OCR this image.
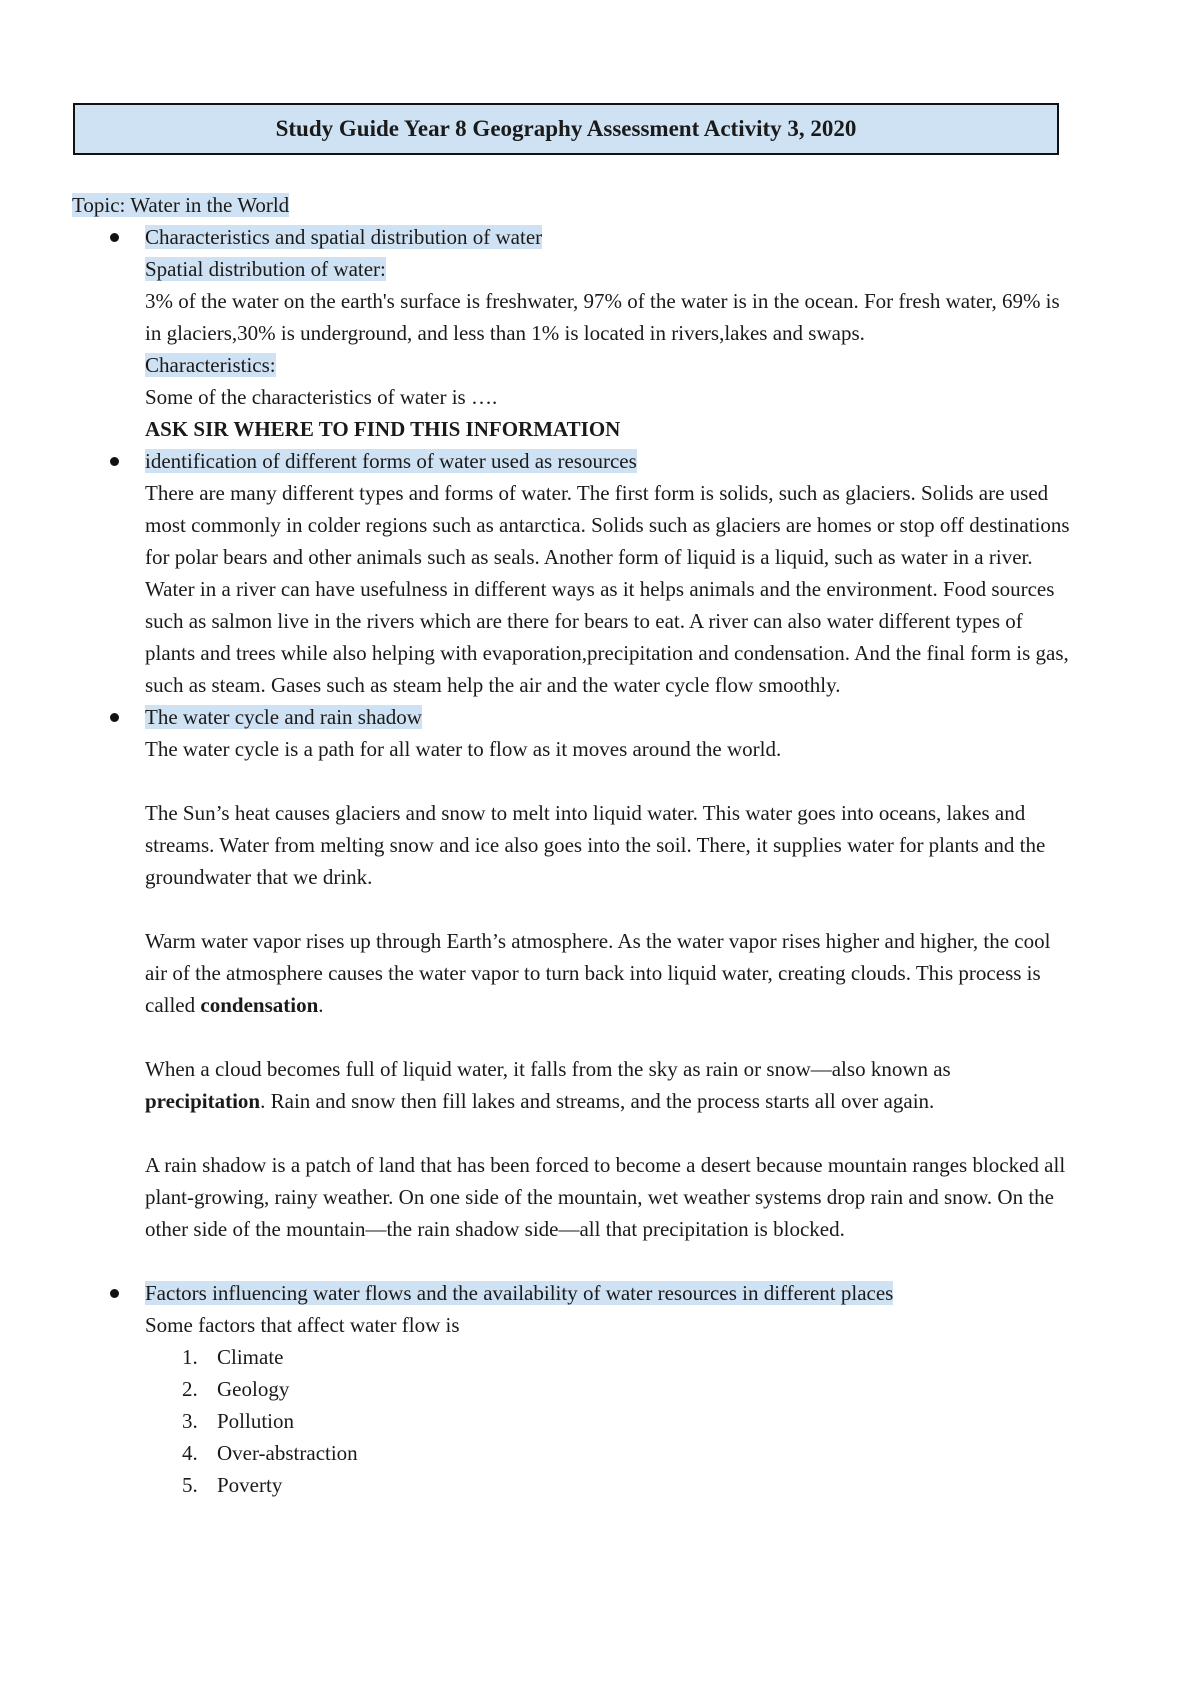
Study Guide Year 8 Geography Assessment Activity 3, 2020

Topic: Water in the World

Characteristics and spatial distribution of water

Spatial distribution of water:

3% of the water on the earth's surface is freshwater, 97% of the water is in the ocean. For fresh water, 69% is in glaciers,30% is underground, and less than 1% is located in rivers,lakes and swaps.

Characteristics:

Some of the characteristics of water is ….

ASK SIR WHERE TO FIND THIS INFORMATION

identification of different forms of water used as resources

There are many different types and forms of water. The first form is solids, such as glaciers. Solids are used most commonly in colder regions such as antarctica. Solids such as glaciers are homes or stop off destinations for polar bears and other animals such as seals. Another form of liquid is a liquid, such as water in a river. Water in a river can have usefulness in different ways as it helps animals and the environment. Food sources such as salmon live in the rivers which are there for bears to eat. A river can also water different types of plants and trees while also helping with evaporation,precipitation and condensation. And the final form is gas, such as steam. Gases such as steam help the air and the water cycle flow smoothly.

The water cycle and rain shadow

The water cycle is a path for all water to flow as it moves around the world.

The Sun’s heat causes glaciers and snow to melt into liquid water. This water goes into oceans, lakes and streams. Water from melting snow and ice also goes into the soil. There, it supplies water for plants and the groundwater that we drink.

Warm water vapor rises up through Earth’s atmosphere. As the water vapor rises higher and higher, the cool air of the atmosphere causes the water vapor to turn back into liquid water, creating clouds. This process is called condensation.

When a cloud becomes full of liquid water, it falls from the sky as rain or snow—also known as precipitation. Rain and snow then fill lakes and streams, and the process starts all over again.

A rain shadow is a patch of land that has been forced to become a desert because mountain ranges blocked all plant-growing, rainy weather. On one side of the mountain, wet weather systems drop rain and snow. On the other side of the mountain—the rain shadow side—all that precipitation is blocked.

Factors influencing water flows and the availability of water resources in different places

Some factors that affect water flow is

1. Climate
2. Geology
3. Pollution
4. Over-abstraction
5. Poverty
